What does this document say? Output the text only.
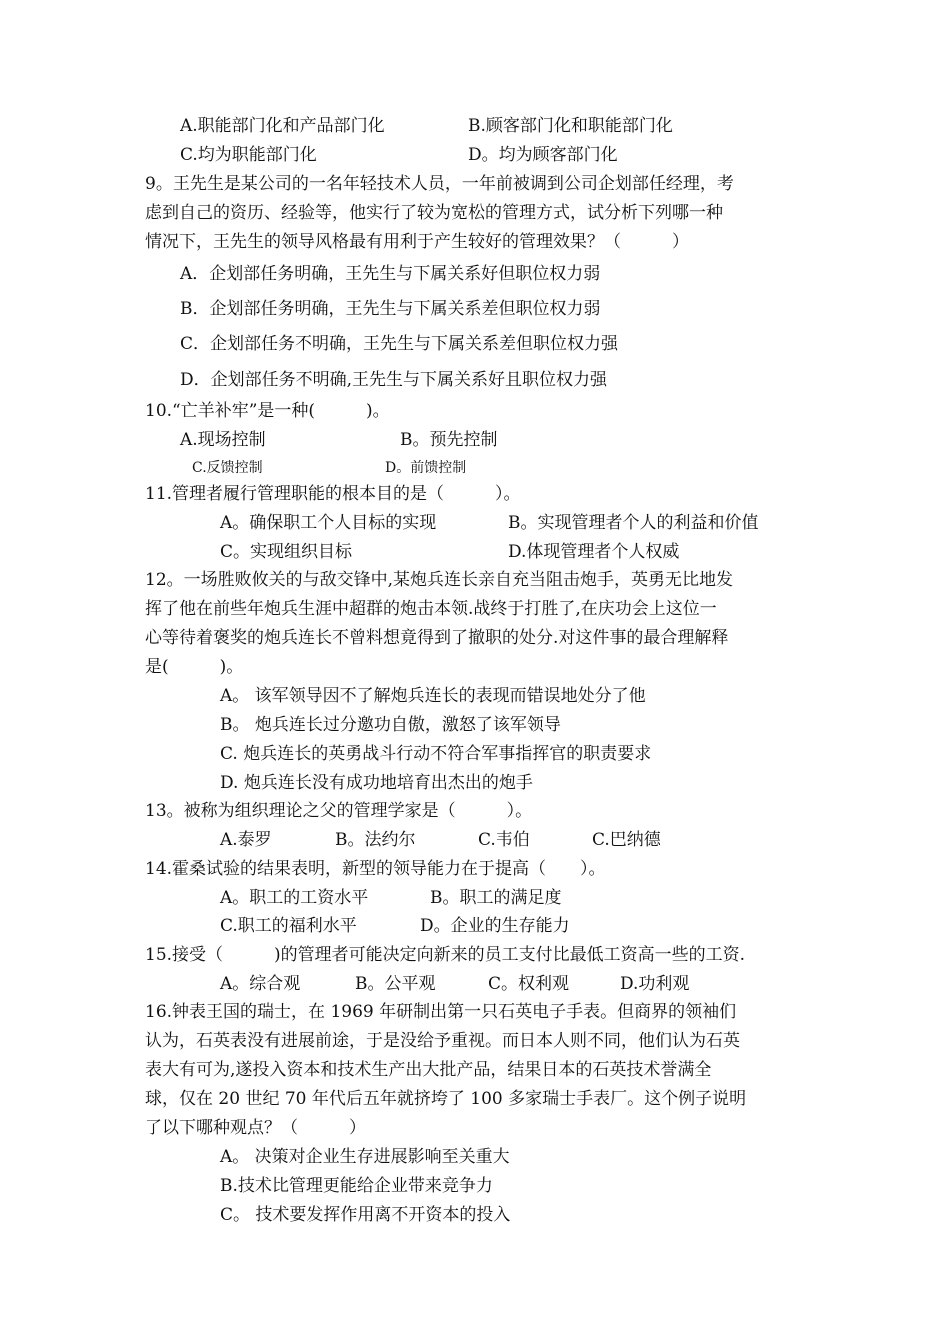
A.职能部门化和产品部门化	B.顾客部门化和职能部门化
C.均为职能部门化	D。均为顾客部门化
9。王先生是某公司的一名年轻技术人员，一年前被调到公司企划部任经理，考
虑到自己的资历、经验等，他实行了较为宽松的管理方式，试分析下列哪一种
情况下，王先生的领导风格最有用利于产生较好的管理效果？（　　　）
A．企划部任务明确，王先生与下属关系好但职位权力弱
B．企划部任务明确，王先生与下属关系差但职位权力弱
C．企划部任务不明确，王先生与下属关系差但职位权力强
D．企划部任务不明确,王先生与下属关系好且职位权力强
10.“亡羊补牢”是一种(　　　)。
A.现场控制	B。预先控制
C.反馈控制	D。前馈控制
11.管理者履行管理职能的根本目的是（　　　）。
A。确保职工个人目标的实现	B。实现管理者个人的利益和价值
C。实现组织目标	D.体现管理者个人权威
12。一场胜败攸关的与敌交锋中,某炮兵连长亲自充当阻击炮手，英勇无比地发
挥了他在前些年炮兵生涯中超群的炮击本领.战终于打胜了,在庆功会上这位一
心等待着褒奖的炮兵连长不曾料想竟得到了撤职的处分.对这件事的最合理解释
是(　　　)。
A。 该军领导因不了解炮兵连长的表现而错误地处分了他
B。 炮兵连长过分邀功自傲，激怒了该军领导
C. 炮兵连长的英勇战斗行动不符合军事指挥官的职责要求
D. 炮兵连长没有成功地培育出杰出的炮手
13。被称为组织理论之父的管理学家是（　　　）。
A.泰罗	B。法约尔	C.韦伯	C.巴纳德
14.霍桑试验的结果表明，新型的领导能力在于提高（　　）。
A。职工的工资水平	B。职工的满足度
C.职工的福利水平	D。企业的生存能力
15.接受（　　　)的管理者可能决定向新来的员工支付比最低工资高一些的工资.
A。综合观	B。公平观	C。权利观	D.功利观
16.钟表王国的瑞士，在 1969 年研制出第一只石英电子手表。但商界的领袖们
认为，石英表没有进展前途，于是没给予重视。而日本人则不同，他们认为石英
表大有可为,遂投入资本和技术生产出大批产品，结果日本的石英技术誉满全
球，仅在 20 世纪 70 年代后五年就挤垮了 100 多家瑞士手表厂。这个例子说明
了以下哪种观点？（　　　）
A。 决策对企业生存进展影响至关重大
B.技术比管理更能给企业带来竞争力
C。 技术要发挥作用离不开资本的投入
